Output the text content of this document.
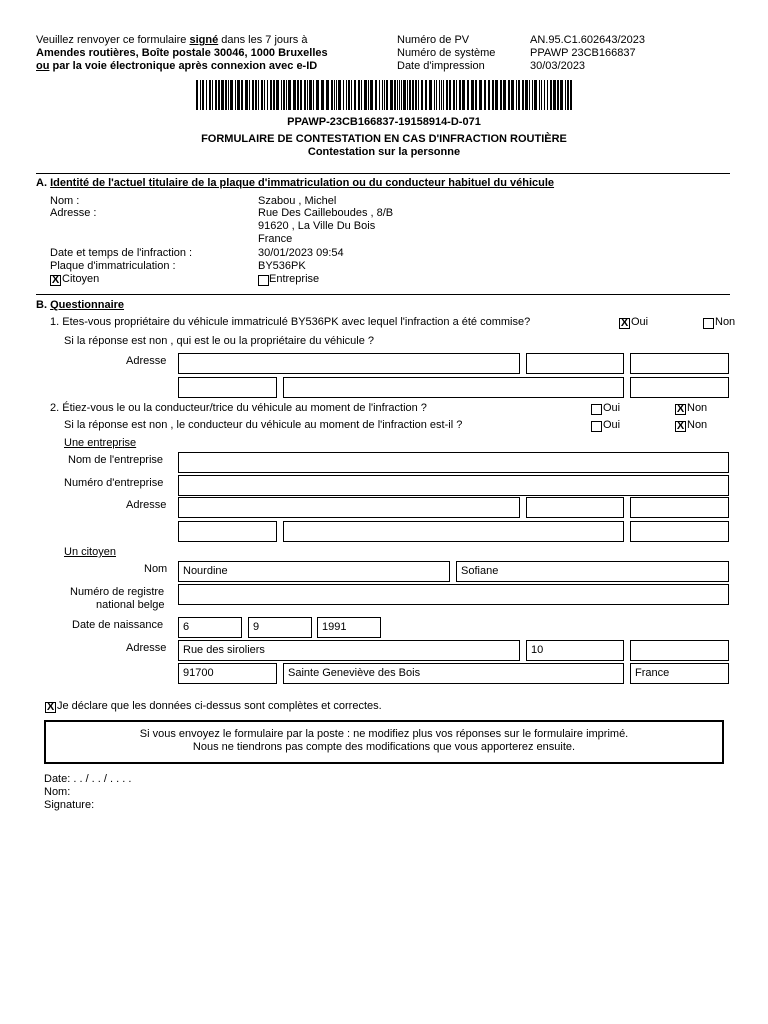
Veuillez renvoyer ce formulaire signé dans les 7 jours à
Amendes routières, Boîte postale 30046, 1000 Bruxelles
ou par la voie électronique après connexion avec e-ID
Numéro de PV	AN.95.C1.602643/2023
Numéro de système	PPAWP 23CB166837
Date d'impression	30/03/2023
PPAWP-23CB166837-19158914-D-071
FORMULAIRE DE CONTESTATION EN CAS D'INFRACTION ROUTIÈRE
Contestation sur la personne
A. Identité de l'actuel titulaire de la plaque d'immatriculation ou du conducteur habituel du véhicule
Nom :	Szabou , Michel
Adresse :	Rue Des Cailleboudes , 8/B
91620 , La Ville Du Bois
France
Date et temps de l'infraction :	30/01/2023 09:54
Plaque d'immatriculation :	BY536PK
X Citoyen	Entreprise
B. Questionnaire
1. Etes-vous propriétaire du véhicule immatriculé BY536PK avec lequel l'infraction a été commise?	X Oui	Non
Si la réponse est non , qui est le ou la propriétaire du véhicule ?
Adresse
2. Étiez-vous le ou la conducteur/trice du véhicule au moment de l'infraction ?	Oui	X Non
Si la réponse est non , le conducteur du véhicule au moment de l'infraction est-il ?	Oui	X Non
Une entreprise
Nom de l'entreprise
Numéro d'entreprise
Adresse
Un citoyen
Nom	Nourdine	Sofiane
Numéro de registre
national belge
Date de naissance	6	9	1991
Adresse	Rue des siroliers	10
91700	Sainte Geneviève des Bois	France
X Je déclare que les données ci-dessus sont complètes et correctes.
Si vous envoyez le formulaire par la poste : ne modifiez plus vos réponses sur le formulaire imprimé.
Nous ne tiendrons pas compte des modifications que vous apporterez ensuite.
Date: . . / . . / . . . .
Nom:
Signature:
